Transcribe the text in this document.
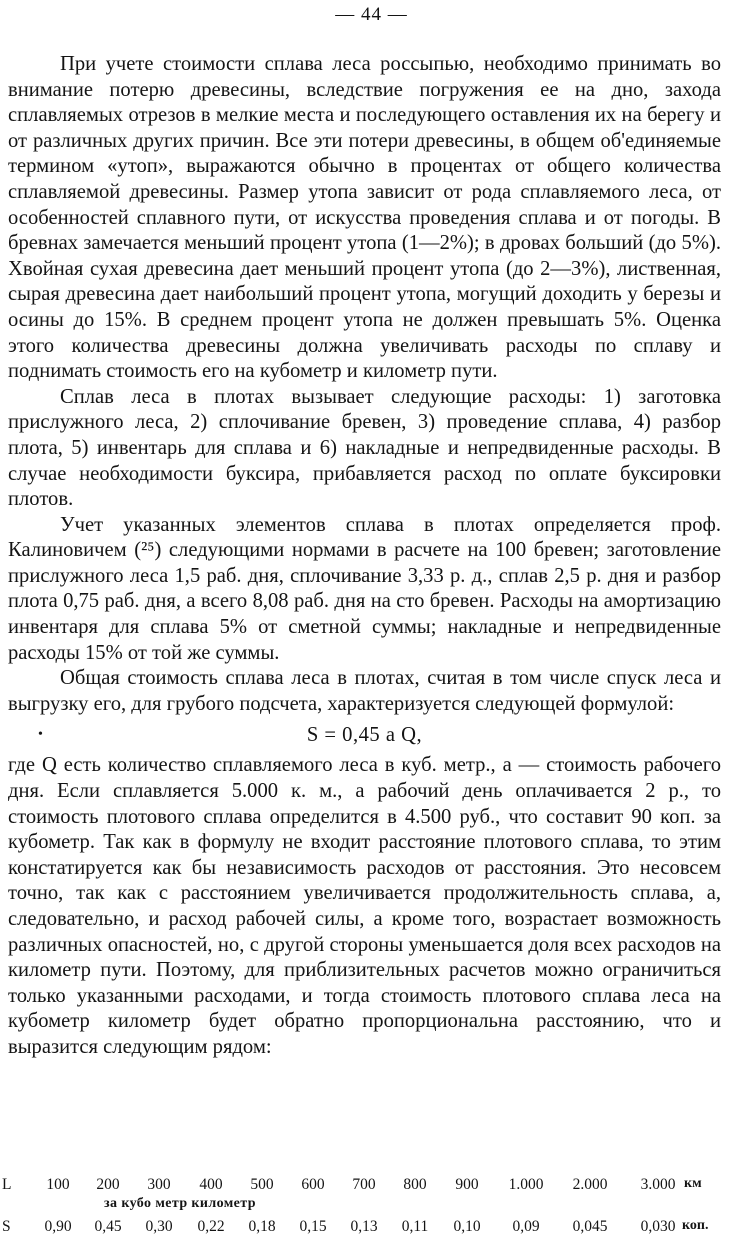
— 44 —

При учете стоимости сплава леса россыпью, необходимо принимать во внимание потерю древесины, вследствие погружения ее на дно, захода сплавляемых отрезов в мелкие места и последующего оставления их на берегу и от различных других причин. Все эти потери древесины, в общем об'единяемые термином «утоп», выражаются обычно в процентах от общего количества сплавляемой древесины. Размер утопа зависит от рода сплавляемого леса, от особенностей сплавного пути, от искусства проведения сплава и от погоды. В бревнах замечается меньший процент утопа (1—2%); в дровах больший (до 5%). Хвойная сухая древесина дает меньший процент утопа (до 2—3%), лиственная, сырая древесина дает наибольший процент утопа, могущий доходить у березы и осины до 15%. В среднем процент утопа не должен превышать 5%. Оценка этого количества древесины должна увеличивать расходы по сплаву и поднимать стоимость его на кубометр и километр пути.

Сплав леса в плотах вызывает следующие расходы: 1) заготовка прислужного леса, 2) сплочивание бревен, 3) проведение сплава, 4) разбор плота, 5) инвентарь для сплава и 6) накладные и непредвиденные расходы. В случае необходимости буксира, прибавляется расход по оплате буксировки плотов.

Учет указанных элементов сплава в плотах определяется проф. Калиновичем (²⁵) следующими нормами в расчете на 100 бревен; заготовление прислужного леса 1,5 раб. дня, сплочивание 3,33 р. д., сплав 2,5 р. дня и разбор плота 0,75 раб. дня, а всего 8,08 раб. дня на сто бревен. Расходы на амортизацию инвентаря для сплава 5% от сметной суммы; накладные и непредвиденные расходы 15% от той же суммы.

Общая стоимость сплава леса в плотах, считая в том числе спуск леса и выгрузку его, для грубого подсчета, характеризуется следующей формулой:

•	S = 0,45 a Q,

где Q есть количество сплавляемого леса в куб. метр., a — стоимость рабочего дня. Если сплавляется 5.000 к. м., а рабочий день оплачивается 2 р., то стоимость плотового сплава определится в 4.500 руб., что составит 90 коп. за кубометр. Так как в формулу не входит расстояние плотового сплава, то этим констатируется как бы независимость расходов от расстояния. Это несовсем точно, так как с расстоянием увеличивается продолжительность сплава, а, следовательно, и расход рабочей силы, а кроме того, возрастает возможность различных опасностей, но, с другой стороны уменьшается доля всех расходов на километр пути. Поэтому, для приблизительных расчетов можно ограничиться только указанными расходами, и тогда стоимость плотового сплава леса на кубометр километр будет обратно пропорциональна расстоянию, что и выразится следующим рядом:

L	100	200	300	400	500	600	700	800	900	1.000	2.000	3.000 км
за кубо метр километр
S	0,90	0,45	0,30	0,22	0,18	0,15	0,13	0,11	0,10	0,09	0,045	0,030 коп.
